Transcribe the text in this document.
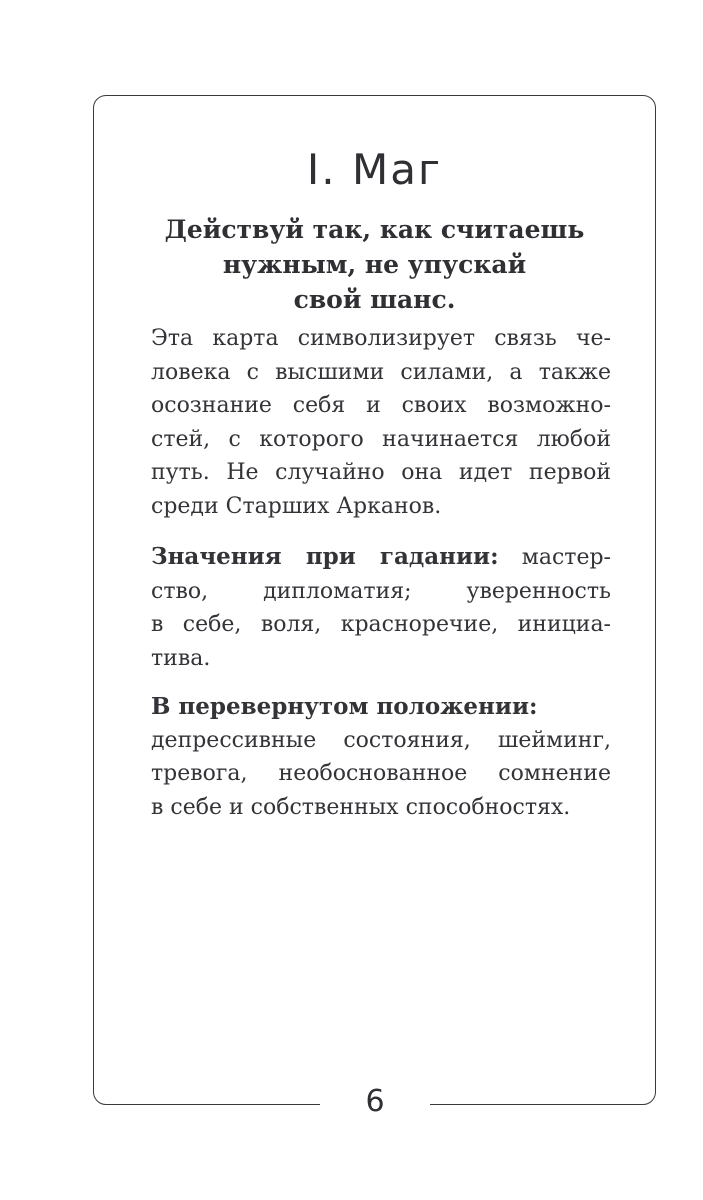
6
I. Маг
Действуй так, как считаешь
нужным, не упускай
свой шанс.
Эта карта символизирует связь че-
ловека с высшими силами, а также
осознание себя и своих возможно-
стей, с которого начинается любой
путь. Не случайно она идет первой
среди Старших Арканов.
Значения при гадании: мастер-
ство, дипломатия; уверенность
в себе, воля, красноречие, инициа-
тива.
В перевернутом положении:
депрессивные состояния, шейминг,
тревога, необоснованное сомнение
в себе и собственных способностях.
